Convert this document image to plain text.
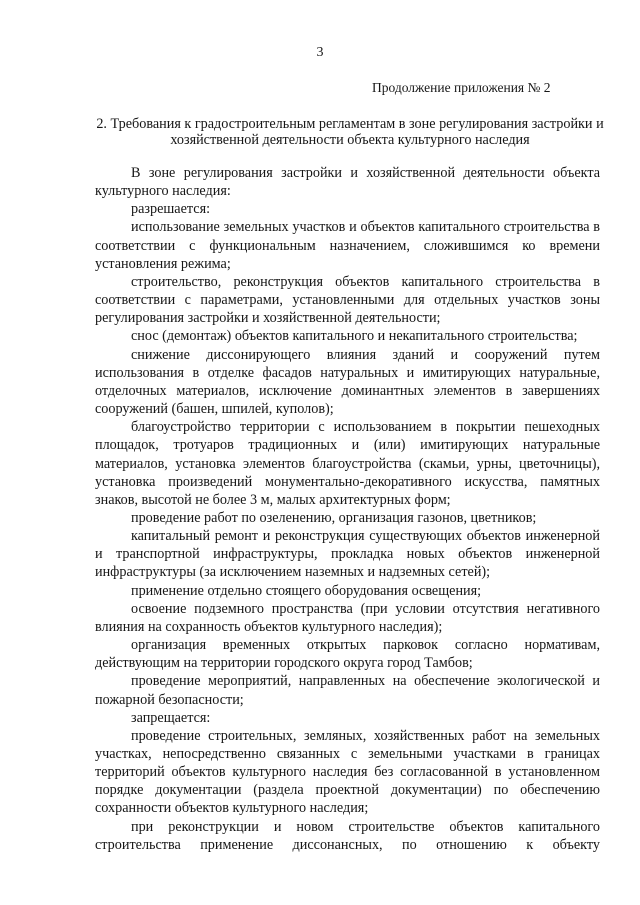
3
Продолжение приложения № 2
2. Требования к градостроительным регламентам в зоне регулирования застройки и хозяйственной деятельности объекта культурного наследия

В зоне регулирования застройки и хозяйственной деятельности объекта культурного наследия:

разрешается:

использование земельных участков и объектов капитального строительства в соответствии с функциональным назначением, сложившимся ко времени установления режима;

строительство, реконструкция объектов капитального строительства в соответствии с параметрами, установленными для отдельных участков зоны регулирования застройки и хозяйственной деятельности;

снос (демонтаж) объектов капитального и некапитального строительства;

снижение диссонирующего влияния зданий и сооружений путем использования в отделке фасадов натуральных и имитирующих натуральные, отделочных материалов, исключение доминантных элементов в завершениях сооружений (башен, шпилей, куполов);

благоустройство территории с использованием в покрытии пешеходных площадок, тротуаров традиционных и (или) имитирующих натуральные материалов, установка элементов благоустройства (скамьи, урны, цветочницы), установка произведений монументально-декоративного искусства, памятных знаков, высотой не более 3 м, малых архитектурных форм;

проведение работ по озеленению, организация газонов, цветников;

капитальный ремонт и реконструкция существующих объектов инженерной и транспортной инфраструктуры, прокладка новых объектов инженерной инфраструктуры (за исключением наземных и надземных сетей);

применение отдельно стоящего оборудования освещения;

освоение подземного пространства (при условии отсутствия негативного влияния на сохранность объектов культурного наследия);

организация временных открытых парковок согласно нормативам, действующим на территории городского округа город Тамбов;

проведение мероприятий, направленных на обеспечение экологической и пожарной безопасности;

запрещается:

проведение строительных, земляных, хозяйственных работ на земельных участках, непосредственно связанных с земельными участками в границах территорий объектов культурного наследия без согласованной в установленном порядке документации (раздела проектной документации) по обеспечению сохранности объектов культурного наследия;

при реконструкции и новом строительстве объектов капитального строительства применение диссонансных, по отношению к объекту
